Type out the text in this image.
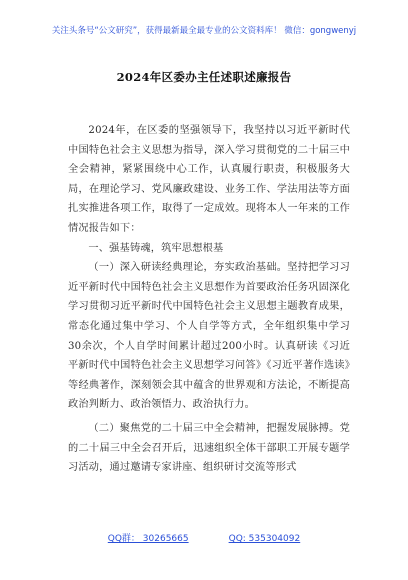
关注头条号“公文研究”，获得最新最全最专业的公文资料库！ 微信：gongwenyj
2024年区委办主任述职述廉报告

2024年，在区委的坚强领导下，我坚持以习近平新时代中国特色社会主义思想为指导，深入学习贯彻党的二十届三中全会精神，紧紧围绕中心工作，认真履行职责，积极服务大局，在理论学习、党风廉政建设、业务工作、学法用法等方面扎实推进各项工作，取得了一定成效。现将本人一年来的工作情况报告如下：

一、强基铸魂，筑牢思想根基

（一）深入研读经典理论，夯实政治基础。坚持把学习习近平新时代中国特色社会主义思想作为首要政治任务巩固深化学习贯彻习近平新时代中国特色社会主义思想主题教育成果，常态化通过集中学习、个人自学等方式，全年组织集中学习30余次，个人自学时间累计超过200小时。认真研读《习近平新时代中国特色社会主义思想学习问答》《习近平著作选读》等经典著作，深刻领会其中蕴含的世界观和方法论，不断提高政治判断力、政治领悟力、政治执行力。

（二）聚焦党的二十届三中全会精神，把握发展脉搏。党的二十届三中全会召开后，迅速组织全体干部职工开展专题学习活动，通过邀请专家讲座、组织研讨交流等形式

QQ群： 30265665	QQ: 535304092
